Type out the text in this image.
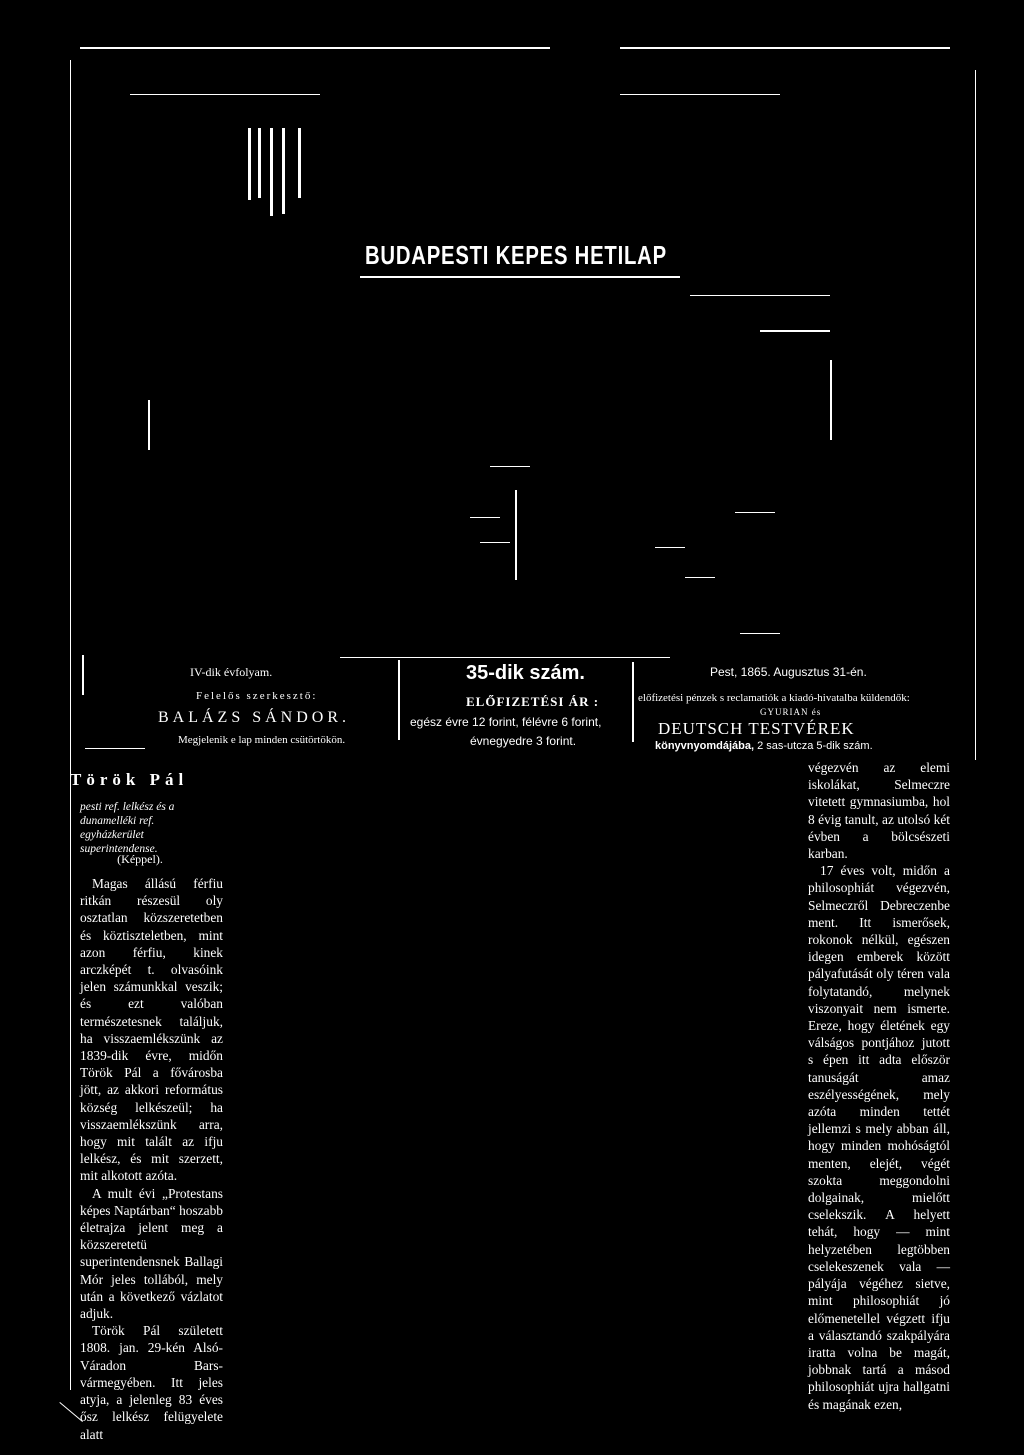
BUDAPESTI KEPES HETILAP
IV-dik évfolyam.
Felelős szerkesztő:
BALÁZS SÁNDOR.
Megjelenik e lap minden csütörtökön.
35-dik szám.
ELŐFIZETÉSI ÁR :
egész évre 12 forint, félévre 6 forint,
évnegyedre 3 forint.
Pest, 1865. Augusztus 31-én.
előfizetési pénzek s reclamatiók a kiadó-hivatalba küldendők:
GYURIAN és
DEUTSCH TESTVÉREK
könyvnyomdájába, 2 sas-utcza 5-dik szám.
Török Pál
pesti ref. lelkész és a dunamelléki ref. egyházkerület superintendense.
(Képpel).

Magas állású férfiu ritkán részesül oly osztatlan közszeretetben és köztiszteletben, mint azon férfiu, kinek arczképét t. olvasóink jelen számunkkal veszik; és ezt valóban természetesnek találjuk, ha visszaemlékszünk az 1839-dik évre, midőn Török Pál a fővárosba jött, az akkori református község lelkészeül; ha visszaemlékszünk arra, hogy mit talált az ifju lelkész, és mit szerzett, mit alkotott azóta.

A mult évi „Protestans képes Naptárban“ hoszabb életrajza jelent meg a közszeretetü superintendensnek Ballagi Mór jeles tollából, mely után a következő vázlatot adjuk.

Török Pál született 1808. jan. 29-kén Alsó-Váradon Bars-vármegyében. Itt jeles atyja, a jelenleg 83 éves ősz lelkész felügyelete alatt

végezvén az elemi iskolákat, Selmeczre vitetett gymnasiumba, hol 8 évig tanult, az utolsó két évben a bölcsészeti karban.

17 éves volt, midőn a philosophiát végezvén, Selmeczről Debreczenbe ment. Itt ismerősek, rokonok nélkül, egészen idegen emberek között pályafutását oly téren vala folytatandó, melynek viszonyait nem ismerte. Ereze, hogy életének egy válságos pontjához jutott s épen itt adta először tanuságát amaz eszélyességének, mely azóta minden tettét jellemzi s mely abban áll, hogy minden mohóságtól menten, elejét, végét szokta meggondolni dolgainak, mielőtt cselekszik. A helyett tehát, hogy — mint helyzetében legtöbben cselekeszenek vala — pályája végéhez sietve, mint philosophiát jó előmenetellel végzett ifju a választandó szakpályára iratta volna be magát, jobbnak tartá a másod philosophiát ujra hallgatni és magának ezen,
